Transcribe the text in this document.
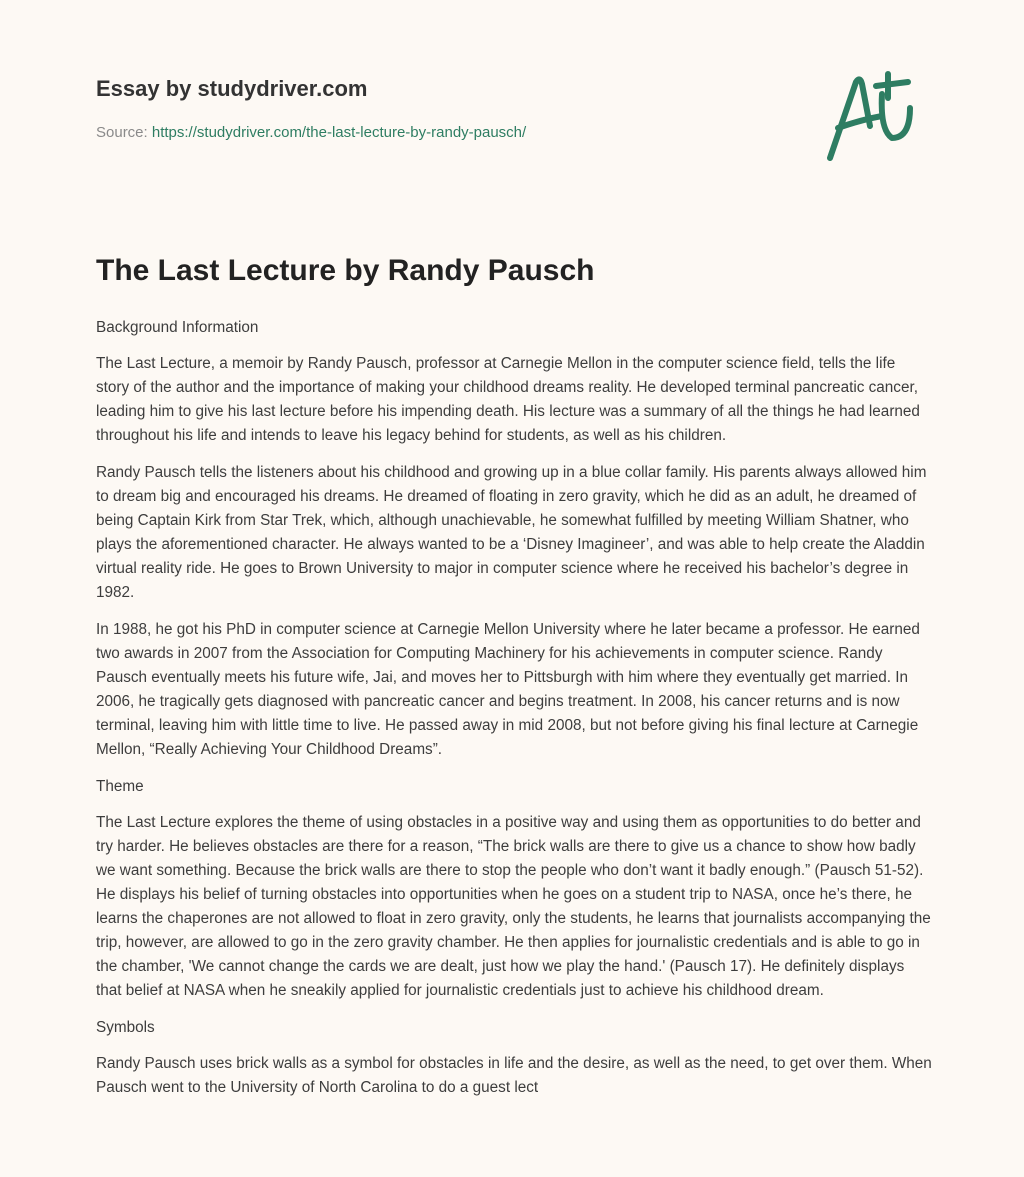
Essay by studydriver.com
Source: https://studydriver.com/the-last-lecture-by-randy-pausch/
The Last Lecture by Randy Pausch
Background Information

The Last Lecture, a memoir by Randy Pausch, professor at Carnegie Mellon in the computer science field, tells the life story of the author and the importance of making your childhood dreams reality. He developed terminal pancreatic cancer, leading him to give his last lecture before his impending death. His lecture was a summary of all the things he had learned throughout his life and intends to leave his legacy behind for students, as well as his children.

Randy Pausch tells the listeners about his childhood and growing up in a blue collar family. His parents always allowed him to dream big and encouraged his dreams. He dreamed of floating in zero gravity, which he did as an adult, he dreamed of being Captain Kirk from Star Trek, which, although unachievable, he somewhat fulfilled by meeting William Shatner, who plays the aforementioned character. He always wanted to be a ‘Disney Imagineer’, and was able to help create the Aladdin virtual reality ride. He goes to Brown University to major in computer science where he received his bachelor’s degree in 1982.

In 1988, he got his PhD in computer science at Carnegie Mellon University where he later became a professor. He earned two awards in 2007 from the Association for Computing Machinery for his achievements in computer science. Randy Pausch eventually meets his future wife, Jai, and moves her to Pittsburgh with him where they eventually get married. In 2006, he tragically gets diagnosed with pancreatic cancer and begins treatment. In 2008, his cancer returns and is now terminal, leaving him with little time to live. He passed away in mid 2008, but not before giving his final lecture at Carnegie Mellon, “Really Achieving Your Childhood Dreams”.

Theme

The Last Lecture explores the theme of using obstacles in a positive way and using them as opportunities to do better and try harder. He believes obstacles are there for a reason, “The brick walls are there to give us a chance to show how badly we want something. Because the brick walls are there to stop the people who don’t want it badly enough.” (Pausch 51-52). He displays his belief of turning obstacles into opportunities when he goes on a student trip to NASA, once he’s there, he learns the chaperones are not allowed to float in zero gravity, only the students, he learns that journalists accompanying the trip, however, are allowed to go in the zero gravity chamber. He then applies for journalistic credentials and is able to go in the chamber, 'We cannot change the cards we are dealt, just how we play the hand.' (Pausch 17). He definitely displays that belief at NASA when he sneakily applied for journalistic credentials just to achieve his childhood dream.

Symbols

Randy Pausch uses brick walls as a symbol for obstacles in life and the desire, as well as the need, to get over them. When Pausch went to the University of North Carolina to do a guest lect
